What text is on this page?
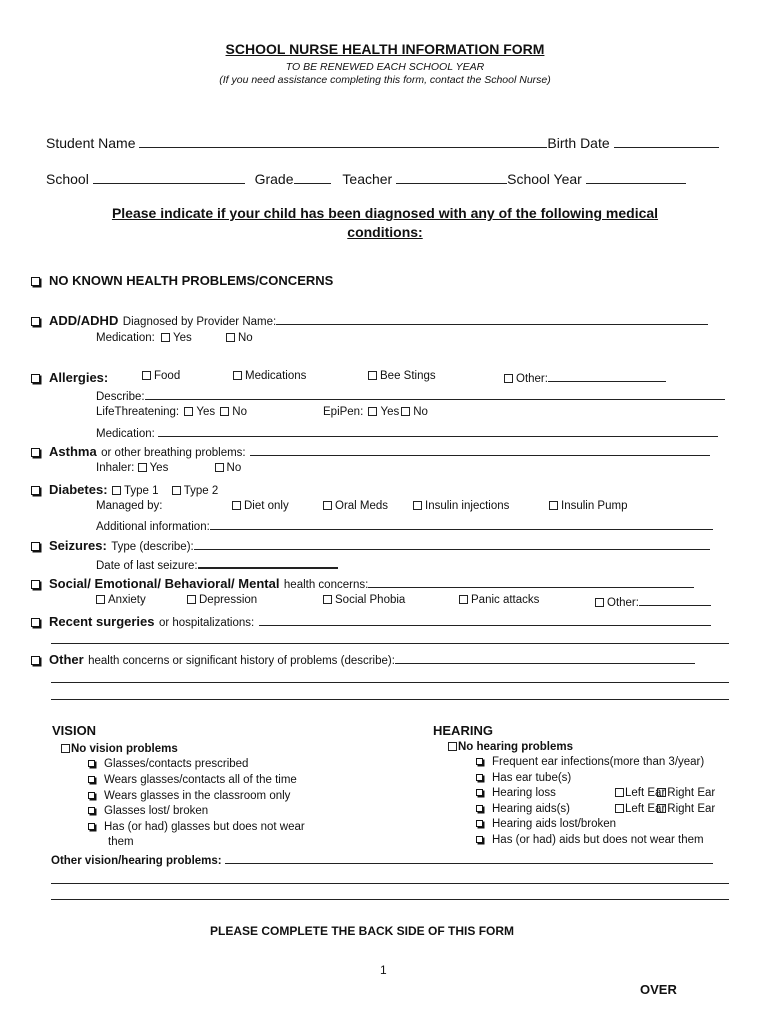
SCHOOL NURSE HEALTH INFORMATION FORM
TO BE RENEWED EACH SCHOOL YEAR
(If you need assistance completing this form, contact the School Nurse)
Student Name	Birth Date
School	Grade	Teacher	School Year
Please indicate if your child has been diagnosed with any of the following medical conditions:
NO KNOWN HEALTH PROBLEMS/CONCERNS
ADD/ADHD Diagnosed by Provider Name:
Medication: Yes	No
Allergies:	Food	Medications	Bee Stings	Other:
Describe:
LifeThreatening: Yes No	EpiPen: Yes No
Medication:
Asthma or other breathing problems:
Inhaler: Yes	No
Diabetes: Type 1 Type 2
Managed by:	Diet only	Oral Meds	Insulin injections	Insulin Pump
Additional information:
Seizures: Type (describe):
Date of last seizure:
Social/ Emotional/ Behavioral/ Mental health concerns:
Anxiety	Depression	Social Phobia	Panic attacks	Other:
Recent surgeries or hospitalizations:
Other health concerns or significant history of problems (describe):
VISION
No vision problems
Glasses/contacts prescribed
Wears glasses/contacts all of the time
Wears glasses in the classroom only
Glasses lost/ broken
Has (or had) glasses but does not wear
them
HEARING
No hearing problems
Frequent ear infections(more than 3/year)
Has ear tube(s)
Hearing loss
Hearing aids(s)
Hearing aids lost/broken
Has (or had) aids but does not wear them
Left Ear Right Ear
Left Ear Right Ear
Other vision/hearing problems:
PLEASE COMPLETE THE BACK SIDE OF THIS FORM
1
OVER
